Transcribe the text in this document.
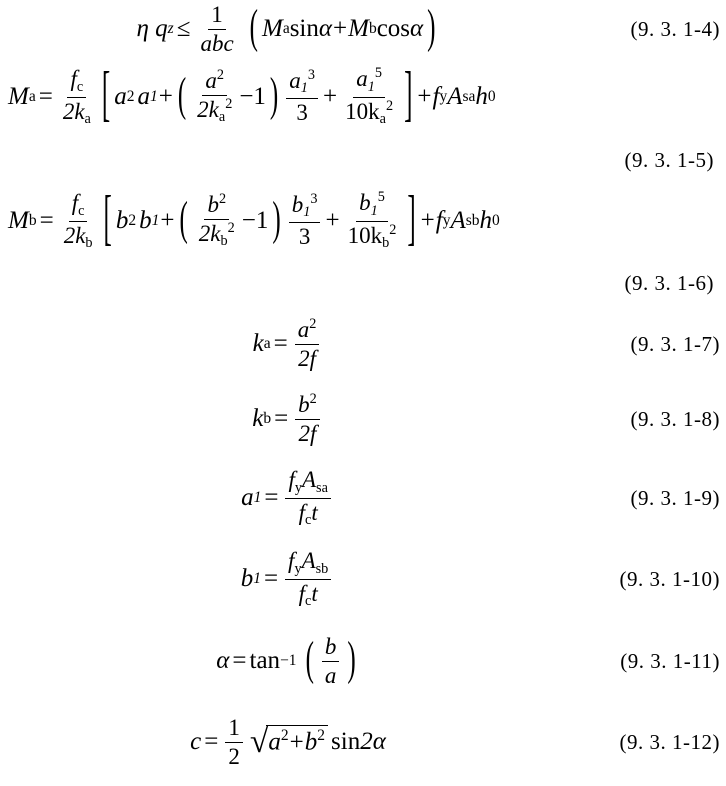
η q $z \le \frac{1}{\text{abc}}$ ( M a sin α + M b cos α )	(9. 3. 1-4)
M $a = \frac{fc}{2ka}$ [ a 2 a 1 + ( $\frac{a2}{2ka2} -1$ ) $\frac{a13}{3} + \frac{a15}{10ka2}$ ] + f y A sa h 0
(9. 3. 1-5)
M $b = \frac{fc}{2kb}$ [ b 2 b 1 + ( $\frac{b2}{2kb2} -1$ ) $\frac{b13}{3} + \frac{b15}{10kb2}$ ] + f y A sb h 0
(9. 3. 1-6)
k $a = \frac{a2}{2f}$	(9. 3. 1-7)
k $b = \frac{b2}{2f}$	(9. 3. 1-8)
a $1 = \frac{\text{fyAsa}}{\text{fct}}$	(9. 3. 1-9)
b $1 = \frac{\text{fyAsb}}{\text{fct}}$	(9. 3. 1-10)
α = tan −1 ( $\frac{b}{a}$ )	(9. 3. 1-11)
$c = \frac{1}{2}$ √ a2+b2 sin 2α	(9. 3. 1-12)
